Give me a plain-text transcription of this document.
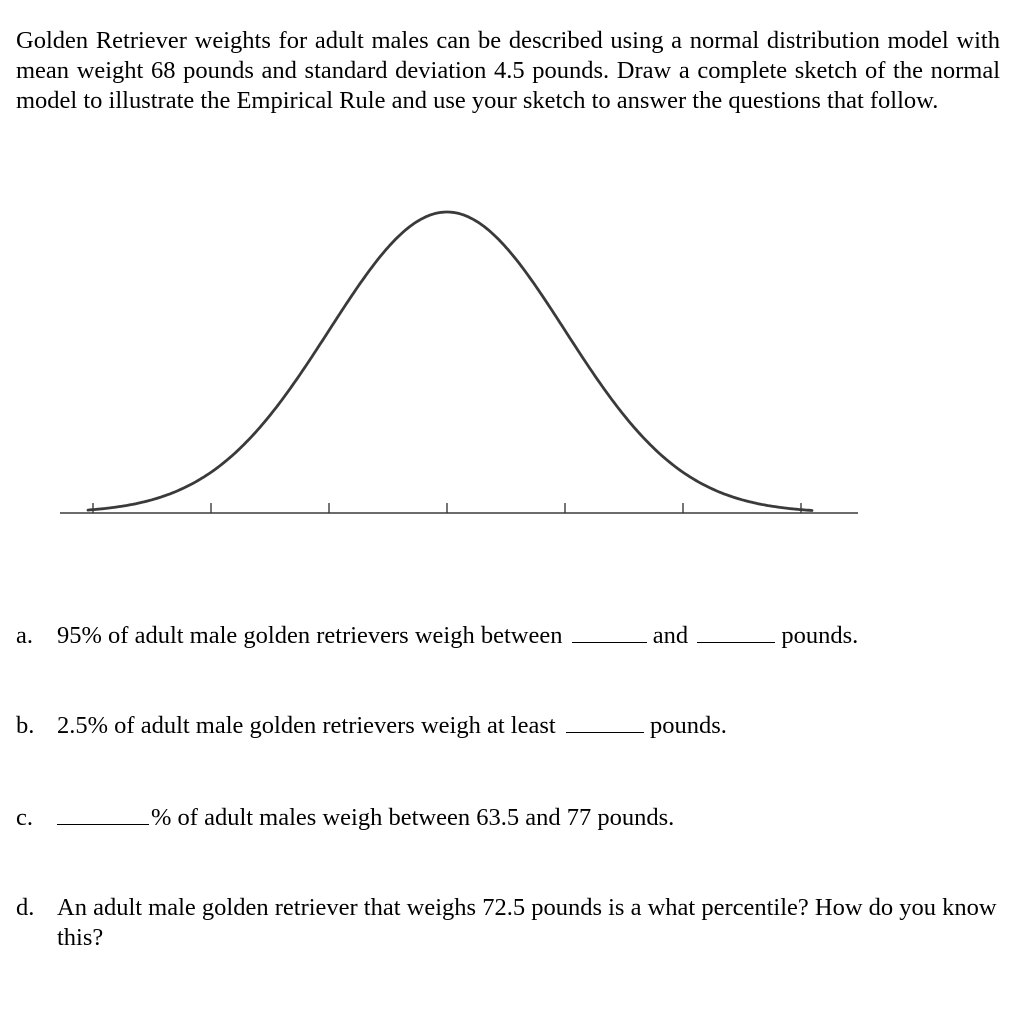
Golden Retriever weights for adult males can be described using a normal distribution model with mean weight 68 pounds and standard deviation 4.5 pounds. Draw a complete sketch of the normal model to illustrate the Empirical Rule and use your sketch to answer the questions that follow.

a. 95% of adult male golden retrievers weigh between	and	pounds.
b. 2.5% of adult male golden retrievers weigh at least	pounds.
c.	% of adult males weigh between 63.5 and 77 pounds.
d. An adult male golden retriever that weighs 72.5 pounds is a what percentile? How do you know this?
